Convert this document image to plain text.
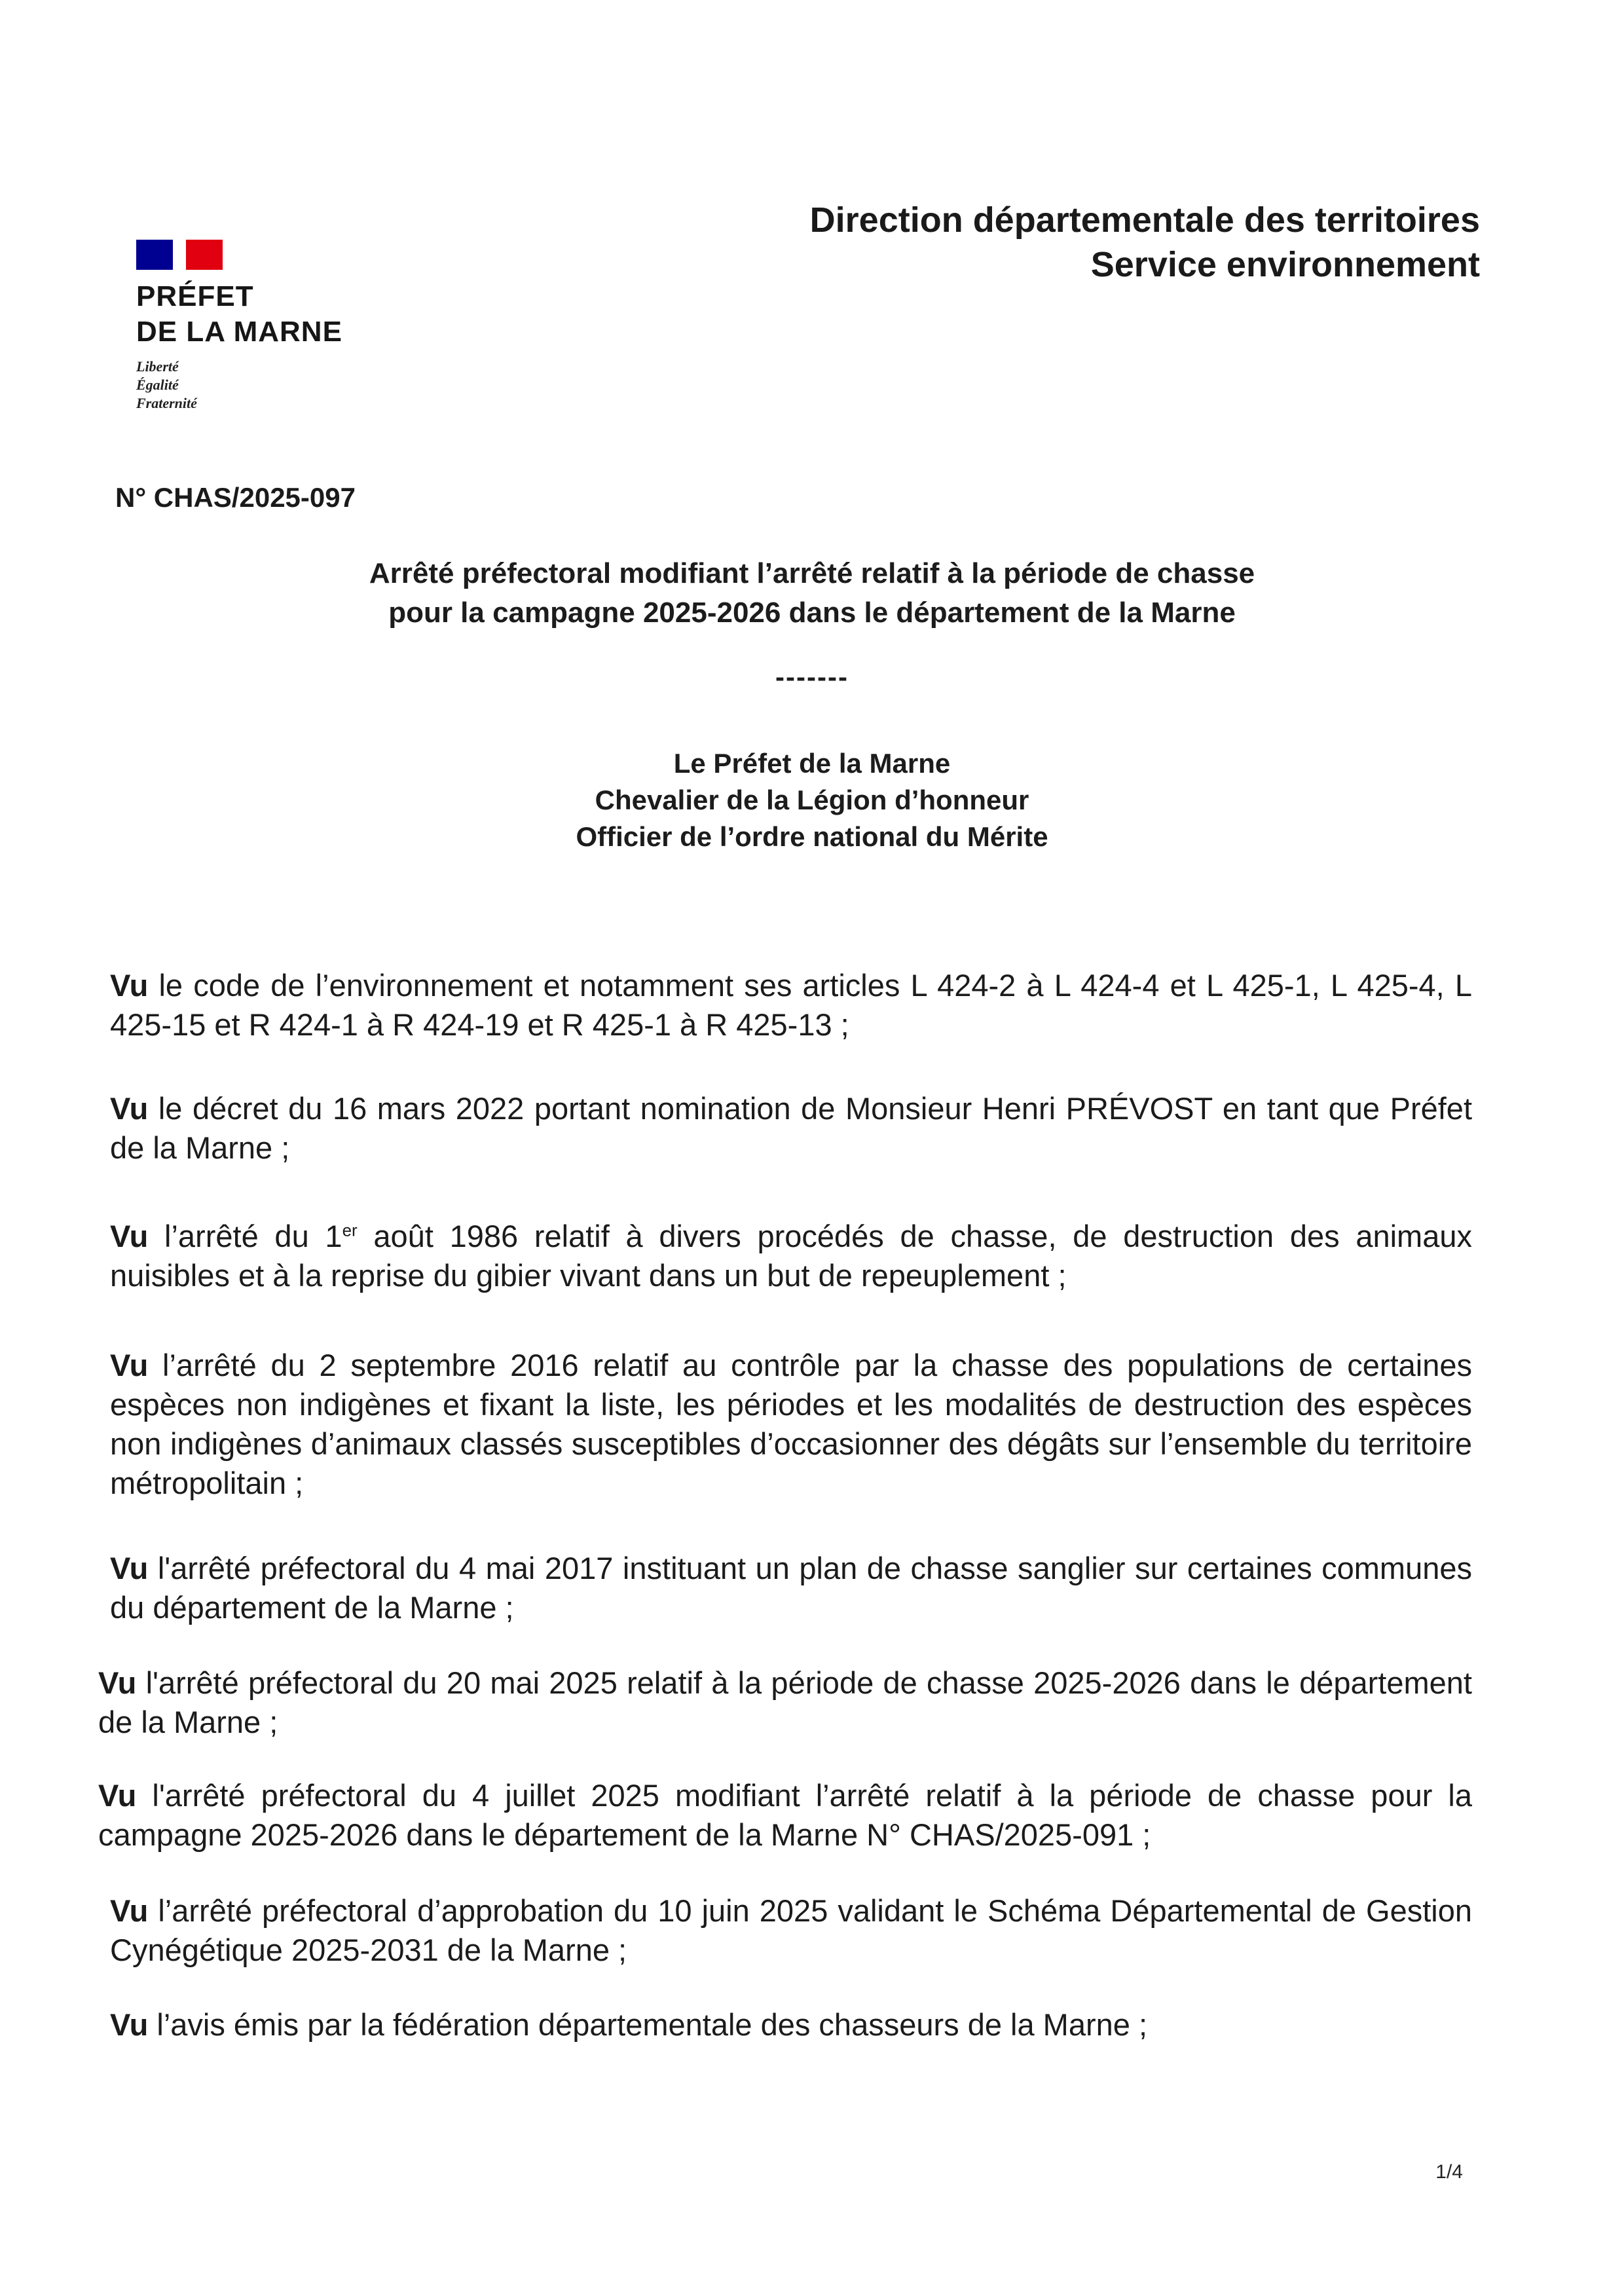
PRÉFET
DE LA MARNE
Liberté
Égalité
Fraternité
Direction départementale des territoires
Service environnement
N° CHAS/2025-097
Arrêté préfectoral modifiant l’arrêté relatif à la période de chasse
pour la campagne 2025-2026 dans le département de la Marne
-------
Le Préfet de la Marne
Chevalier de la Légion d’honneur
Officier de l’ordre national du Mérite
Vu le code de l’environnement et notamment ses articles L 424-2 à L 424-4 et L 425-1, L 425-4, L 425-15 et R 424-1 à R 424-19 et R 425-1 à R 425-13 ;
Vu le décret du 16 mars 2022 portant nomination de Monsieur Henri PRÉVOST en tant que Préfet de la Marne ;
Vu l’arrêté du 1er août 1986 relatif à divers procédés de chasse, de destruction des animaux nuisibles et à la reprise du gibier vivant dans un but de repeuplement ;
Vu l’arrêté du 2 septembre 2016 relatif au contrôle par la chasse des populations de certaines espèces non indigènes et fixant la liste, les périodes et les modalités de destruction des espèces non indigènes d’animaux classés susceptibles d’occasionner des dégâts sur l’ensemble du territoire métropolitain ;
Vu l'arrêté préfectoral du 4 mai 2017 instituant un plan de chasse sanglier sur certaines communes du département de la Marne ;
Vu l'arrêté préfectoral du 20 mai 2025 relatif à la période de chasse 2025-2026 dans le département de la Marne ;
Vu l'arrêté préfectoral du 4 juillet 2025 modifiant l’arrêté relatif à la période de chasse pour la campagne 2025-2026 dans le département de la Marne N° CHAS/2025-091 ;
Vu l’arrêté préfectoral d’approbation du 10 juin 2025 validant le Schéma Départemental de Gestion Cynégétique 2025-2031 de la Marne ;
Vu l’avis émis par la fédération départementale des chasseurs de la Marne ;
1/4
